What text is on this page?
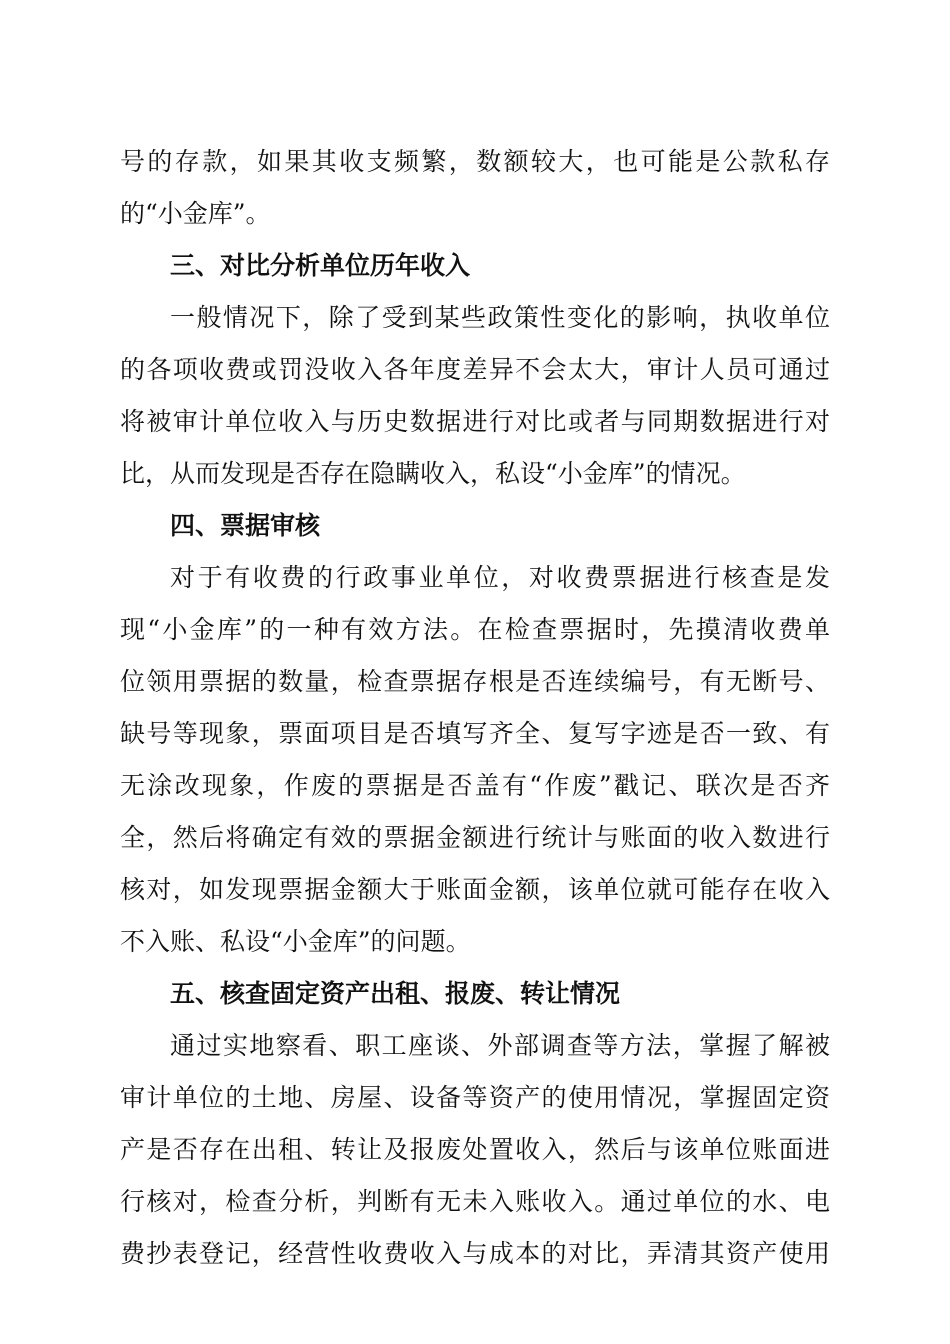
号的存款，如果其收支频繁，数额较大，也可能是公款私存
的“小金库”。
三、对比分析单位历年收入
一般情况下，除了受到某些政策性变化的影响，执收单位
的各项收费或罚没收入各年度差异不会太大，审计人员可通过
将被审计单位收入与历史数据进行对比或者与同期数据进行对
比，从而发现是否存在隐瞒收入，私设“小金库”的情况。
四、票据审核
对于有收费的行政事业单位，对收费票据进行核查是发
现“小金库”的一种有效方法。在检查票据时，先摸清收费单
位领用票据的数量，检查票据存根是否连续编号，有无断号、
缺号等现象，票面项目是否填写齐全、复写字迹是否一致、有
无涂改现象，作废的票据是否盖有“作废”戳记、联次是否齐
全，然后将确定有效的票据金额进行统计与账面的收入数进行
核对，如发现票据金额大于账面金额，该单位就可能存在收入
不入账、私设“小金库”的问题。
五、核查固定资产出租、报废、转让情况
通过实地察看、职工座谈、外部调查等方法，掌握了解被
审计单位的土地、房屋、设备等资产的使用情况，掌握固定资
产是否存在出租、转让及报废处置收入，然后与该单位账面进
行核对，检查分析，判断有无未入账收入。通过单位的水、电
费抄表登记，经营性收费收入与成本的对比，弄清其资产使用
